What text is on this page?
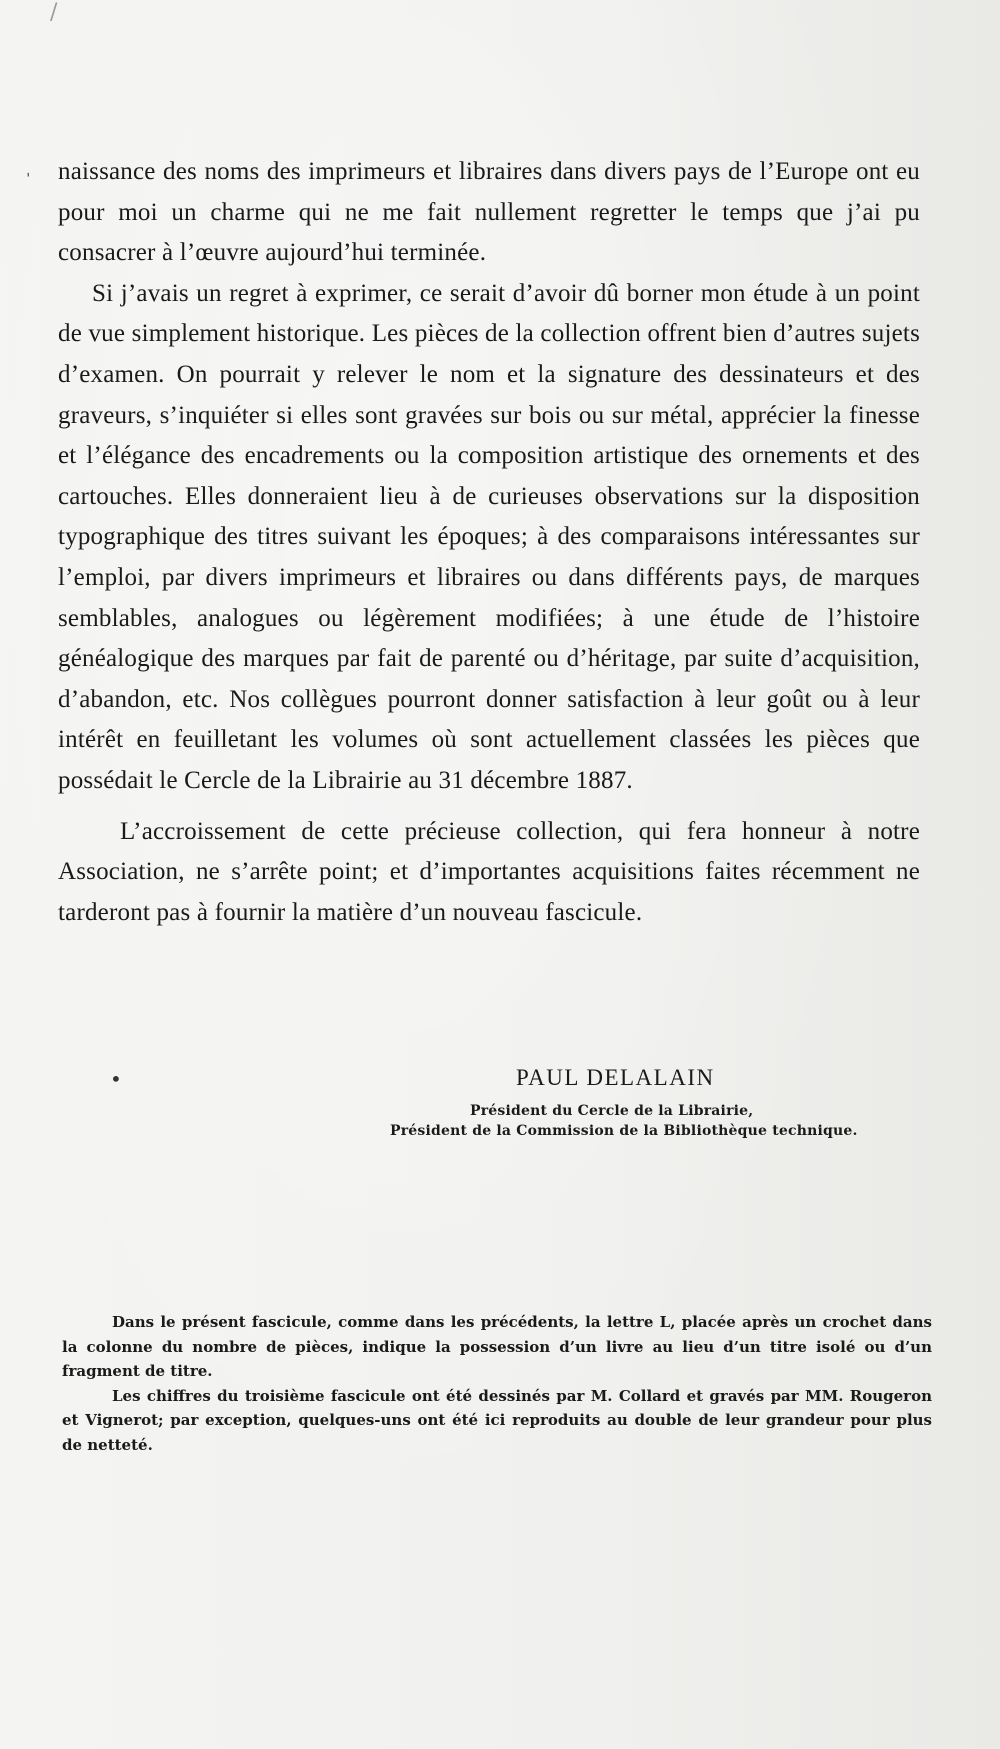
ˈ
/

naissance des noms des imprimeurs et libraires dans divers pays de l’Europe ont eu pour moi un charme qui ne me fait nullement regretter le temps que j’ai pu consacrer à l’œuvre aujourd’hui terminée.

Si j’avais un regret à exprimer, ce serait d’avoir dû borner mon étude à un point de vue simplement historique. Les pièces de la collection offrent bien d’autres sujets d’examen. On pourrait y relever le nom et la signature des dessinateurs et des graveurs, s’inquiéter si elles sont gravées sur bois ou sur métal, apprécier la finesse et l’élégance des encadrements ou la composition artistique des ornements et des cartouches. Elles donneraient lieu à de curieuses observations sur la disposition typographique des titres suivant les époques; à des comparaisons intéressantes sur l’emploi, par divers imprimeurs et libraires ou dans différents pays, de marques semblables, analogues ou légèrement modifiées; à une étude de l’histoire généalogique des marques par fait de parenté ou d’héritage, par suite d’acquisition, d’abandon, etc. Nos collègues pourront donner satisfaction à leur goût ou à leur intérêt en feuilletant les volumes où sont actuellement classées les pièces que possédait le Cercle de la Librairie au 31 décembre 1887.

L’accroissement de cette précieuse collection, qui fera honneur à notre Association, ne s’arrête point; et d’importantes acquisitions faites récemment ne tarderont pas à fournir la matière d’un nouveau fascicule.

•	PAUL DELALAIN
Président du Cercle de la Librairie,
Président de la Commission de la Bibliothèque technique.

Dans le présent fascicule, comme dans les précédents, la lettre L, placée après un crochet dans la colonne du nombre de pièces, indique la possession d’un livre au lieu d’un titre isolé ou d’un fragment de titre.

Les chiffres du troisième fascicule ont été dessinés par M. Collard et gravés par MM. Rougeron et Vignerot; par exception, quelques-uns ont été ici reproduits au double de leur grandeur pour plus de netteté.
